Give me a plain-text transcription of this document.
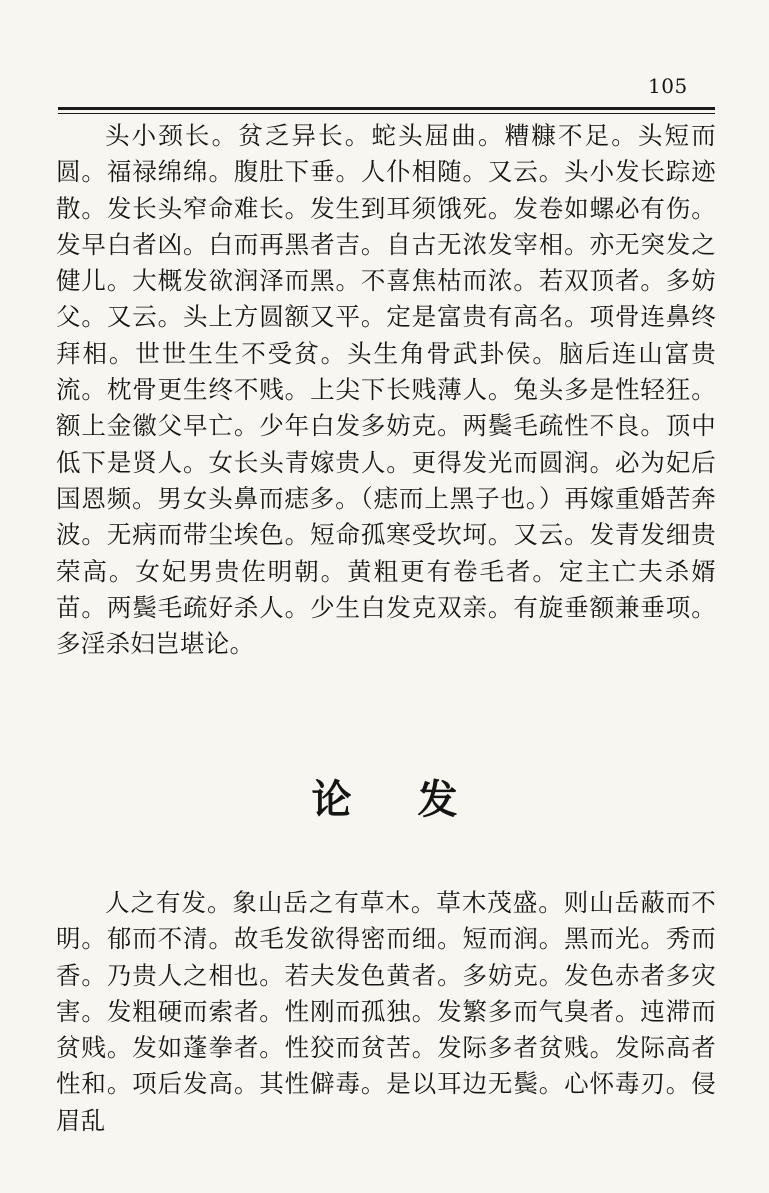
105

头小颈长。贫乏异长。蛇头屈曲。糟糠不足。头短而圆。福禄绵绵。腹肚下垂。人仆相随。又云。头小发长踪迹散。发长头窄命难长。发生到耳须饿死。发卷如螺必有伤。发早白者凶。白而再黑者吉。自古无浓发宰相。亦无突发之健儿。大概发欲润泽而黑。不喜焦枯而浓。若双顶者。多妨父。又云。头上方圆额又平。定是富贵有高名。项骨连鼻终拜相。世世生生不受贫。头生角骨武卦侯。脑后连山富贵流。枕骨更生终不贱。上尖下长贱薄人。兔头多是性轻狂。额上金徽父早亡。少年白发多妨克。两鬓毛疏性不良。顶中低下是贤人。女长头青嫁贵人。更得发光而圆润。必为妃后国恩频。男女头鼻而痣多。（痣而上黑子也。）再嫁重婚苦奔波。无病而带尘埃色。短命孤寒受坎坷。又云。发青发细贵荣高。女妃男贵佐明朝。黄粗更有卷毛者。定主亡夫杀婿苗。两鬓毛疏好杀人。少生白发克双亲。有旋垂额兼垂项。多淫杀妇岂堪论。

论发

人之有发。象山岳之有草木。草木茂盛。则山岳蔽而不明。郁而不清。故毛发欲得密而细。短而润。黑而光。秀而香。乃贵人之相也。若夫发色黄者。多妨克。发色赤者多灾害。发粗硬而索者。性刚而孤独。发繁多而气臭者。迍滞而贫贱。发如蓬拳者。性狡而贫苦。发际多者贫贱。发际高者性和。项后发高。其性僻毒。是以耳边无鬓。心怀毒刃。侵眉乱
